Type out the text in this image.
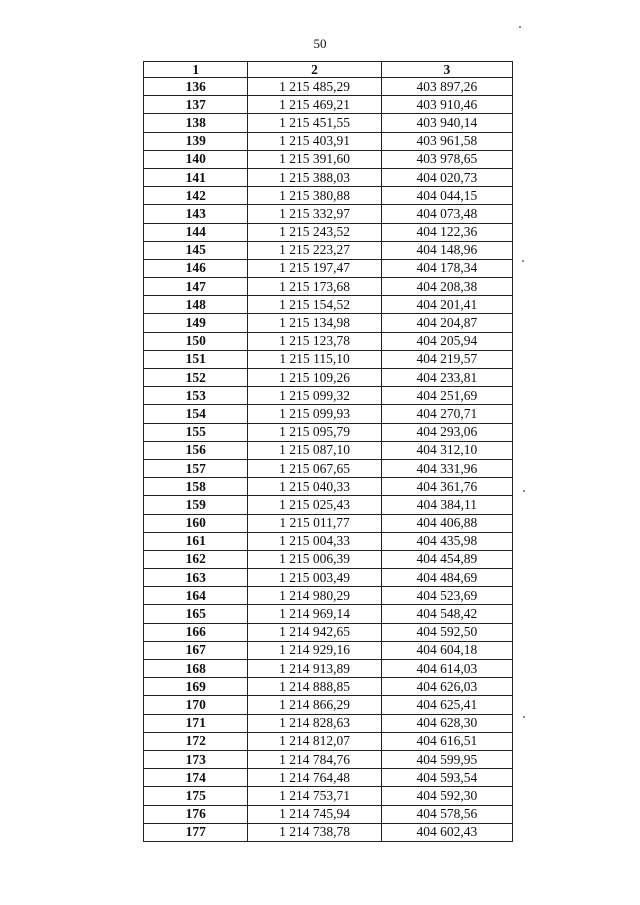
50
1	2	3
136	1 215 485,29	403 897,26
137	1 215 469,21	403 910,46
138	1 215 451,55	403 940,14
139	1 215 403,91	403 961,58
140	1 215 391,60	403 978,65
141	1 215 388,03	404 020,73
142	1 215 380,88	404 044,15
143	1 215 332,97	404 073,48
144	1 215 243,52	404 122,36
145	1 215 223,27	404 148,96
146	1 215 197,47	404 178,34
147	1 215 173,68	404 208,38
148	1 215 154,52	404 201,41
149	1 215 134,98	404 204,87
150	1 215 123,78	404 205,94
151	1 215 115,10	404 219,57
152	1 215 109,26	404 233,81
153	1 215 099,32	404 251,69
154	1 215 099,93	404 270,71
155	1 215 095,79	404 293,06
156	1 215 087,10	404 312,10
157	1 215 067,65	404 331,96
158	1 215 040,33	404 361,76
159	1 215 025,43	404 384,11
160	1 215 011,77	404 406,88
161	1 215 004,33	404 435,98
162	1 215 006,39	404 454,89
163	1 215 003,49	404 484,69
164	1 214 980,29	404 523,69
165	1 214 969,14	404 548,42
166	1 214 942,65	404 592,50
167	1 214 929,16	404 604,18
168	1 214 913,89	404 614,03
169	1 214 888,85	404 626,03
170	1 214 866,29	404 625,41
171	1 214 828,63	404 628,30
172	1 214 812,07	404 616,51
173	1 214 784,76	404 599,95
174	1 214 764,48	404 593,54
175	1 214 753,71	404 592,30
176	1 214 745,94	404 578,56
177	1 214 738,78	404 602,43
